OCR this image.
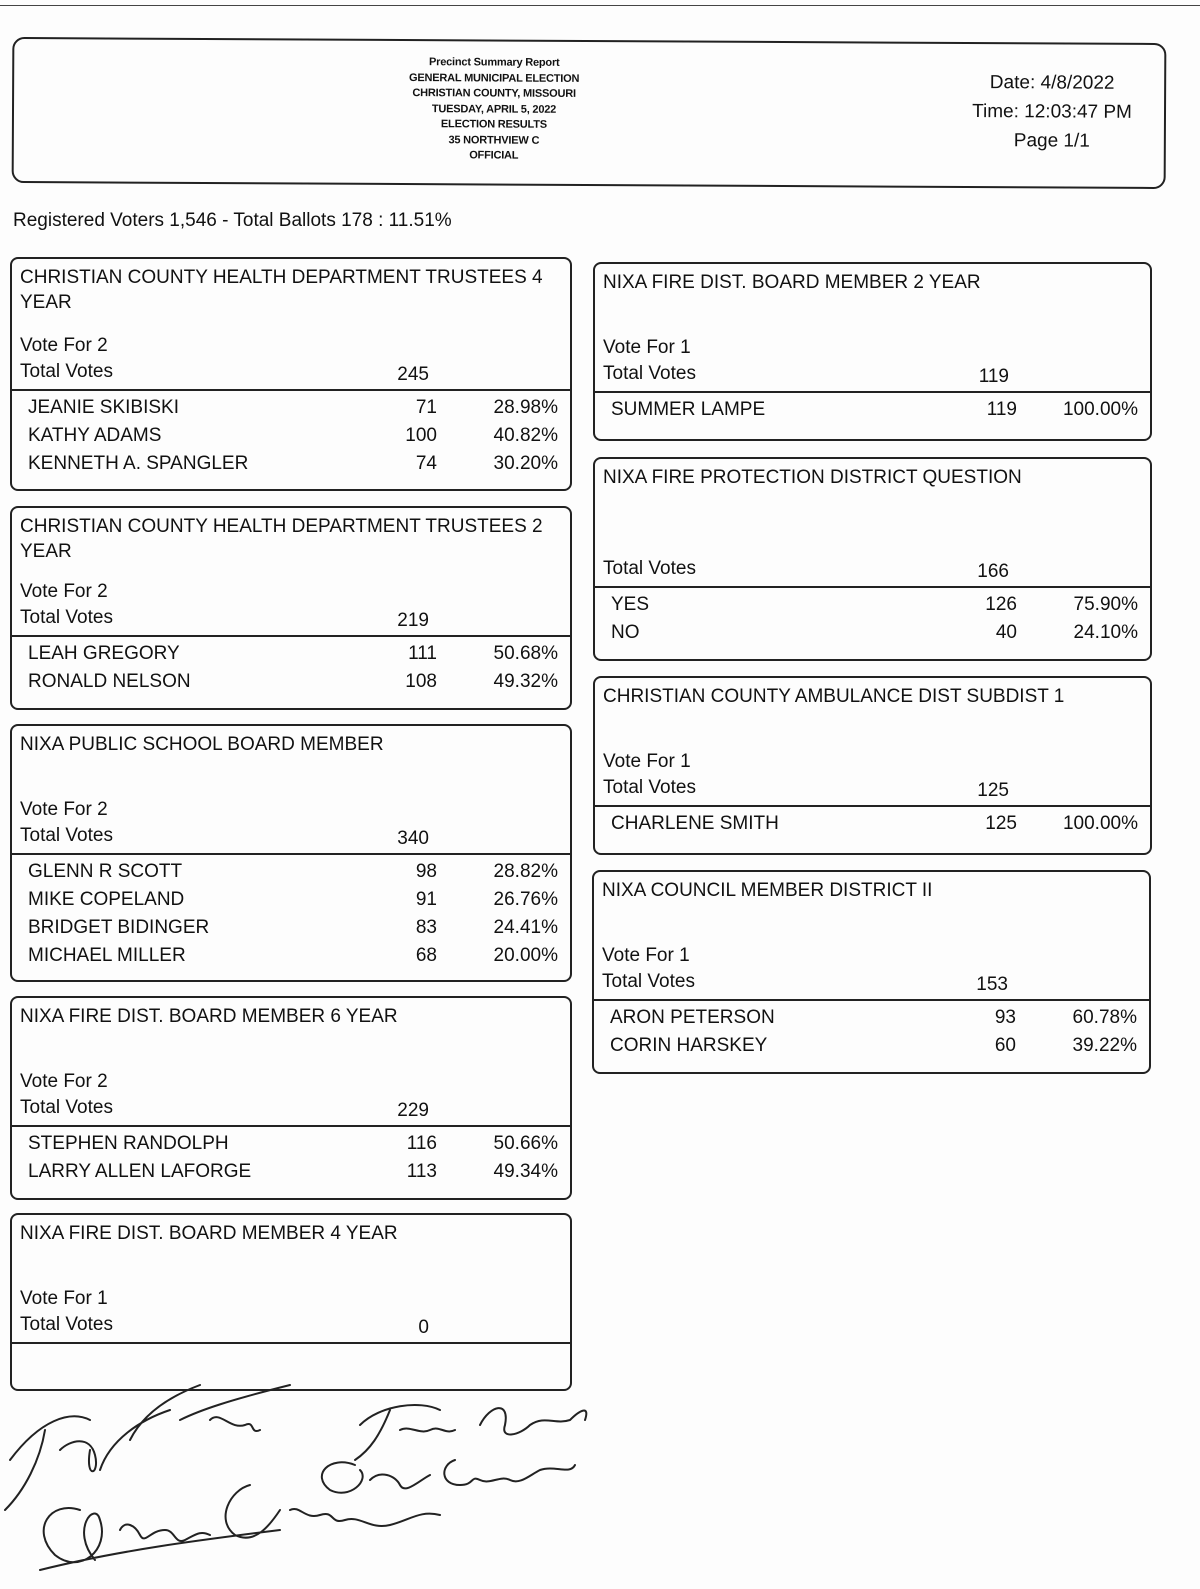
Precinct Summary Report
GENERAL MUNICIPAL ELECTION
CHRISTIAN COUNTY, MISSOURI
TUESDAY, APRIL 5, 2022
ELECTION RESULTS
35 NORTHVIEW C
OFFICIAL
Date: 4/8/2022
Time: 12:03:47 PM
Page 1/1
Registered Voters 1,546 - Total Ballots 178 : 11.51%
CHRISTIAN COUNTY HEALTH DEPARTMENT TRUSTEES 4 YEAR
Vote For 2
Total Votes	245
JEANIE SKIBISKI	71	28.98%
KATHY ADAMS	100	40.82%
KENNETH A. SPANGLER	74	30.20%
CHRISTIAN COUNTY HEALTH DEPARTMENT TRUSTEES 2 YEAR
Vote For 2
Total Votes	219
LEAH GREGORY	111	50.68%
RONALD NELSON	108	49.32%
NIXA PUBLIC SCHOOL BOARD MEMBER
Vote For 2
Total Votes	340
GLENN R SCOTT	98	28.82%
MIKE COPELAND	91	26.76%
BRIDGET BIDINGER	83	24.41%
MICHAEL MILLER	68	20.00%
NIXA FIRE DIST. BOARD MEMBER 6 YEAR
Vote For 2
Total Votes	229
STEPHEN RANDOLPH	116	50.66%
LARRY ALLEN LAFORGE	113	49.34%
NIXA FIRE DIST. BOARD MEMBER 4 YEAR
Vote For 1
Total Votes	0
NIXA FIRE DIST. BOARD MEMBER 2 YEAR
Vote For 1
Total Votes	119
SUMMER LAMPE	119	100.00%
NIXA FIRE PROTECTION DISTRICT QUESTION
Total Votes	166
YES	126	75.90%
NO	40	24.10%
CHRISTIAN COUNTY AMBULANCE DIST SUBDIST 1
Vote For 1
Total Votes	125
CHARLENE SMITH	125	100.00%
NIXA COUNCIL MEMBER DISTRICT II
Vote For 1
Total Votes	153
ARON PETERSON	93	60.78%
CORIN HARSKEY	60	39.22%
